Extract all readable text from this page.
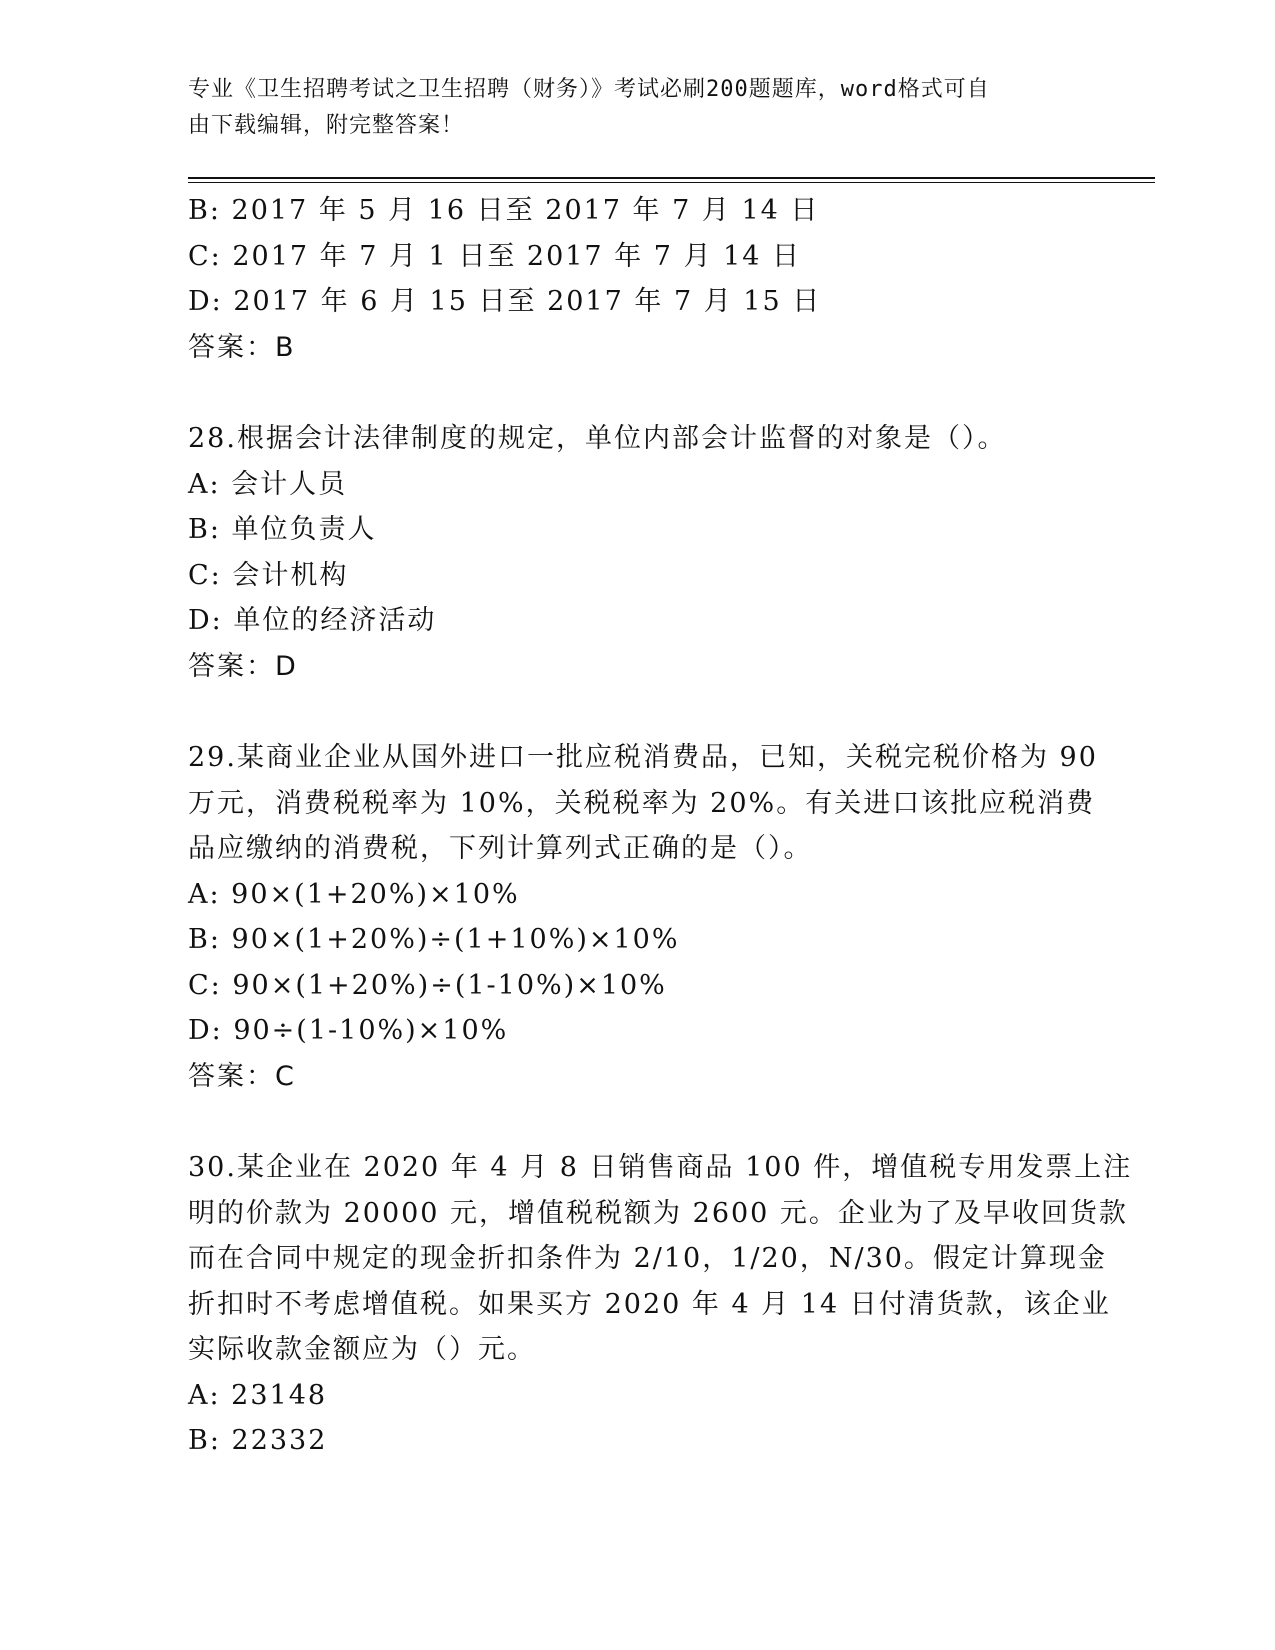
专业《卫生招聘考试之卫生招聘（财务）》考试必刷200题题库，word格式可自
由下载编辑，附完整答案！
B: 2017 年 5 月 16 日至 2017 年 7 月 14 日
C: 2017 年 7 月 1 日至 2017 年 7 月 14 日
D: 2017 年 6 月 15 日至 2017 年 7 月 15 日
答案：B
28.根据会计法律制度的规定，单位内部会计监督的对象是（）。
A: 会计人员
B: 单位负责人
C: 会计机构
D: 单位的经济活动
答案：D
29.某商业企业从国外进口一批应税消费品，已知，关税完税价格为 90
万元，消费税税率为 10%，关税税率为 20%。有关进口该批应税消费
品应缴纳的消费税，下列计算列式正确的是（）。
A: 90×(1+20%)×10%
B: 90×(1+20%)÷(1+10%)×10%
C: 90×(1+20%)÷(1-10%)×10%
D: 90÷(1-10%)×10%
答案：C
30.某企业在 2020 年 4 月 8 日销售商品 100 件，增值税专用发票上注
明的价款为 20000 元，增值税税额为 2600 元。企业为了及早收回货款
而在合同中规定的现金折扣条件为 2/10，1/20，N/30。假定计算现金
折扣时不考虑增值税。如果买方 2020 年 4 月 14 日付清货款，该企业
实际收款金额应为（）元。
A: 23148
B: 22332
